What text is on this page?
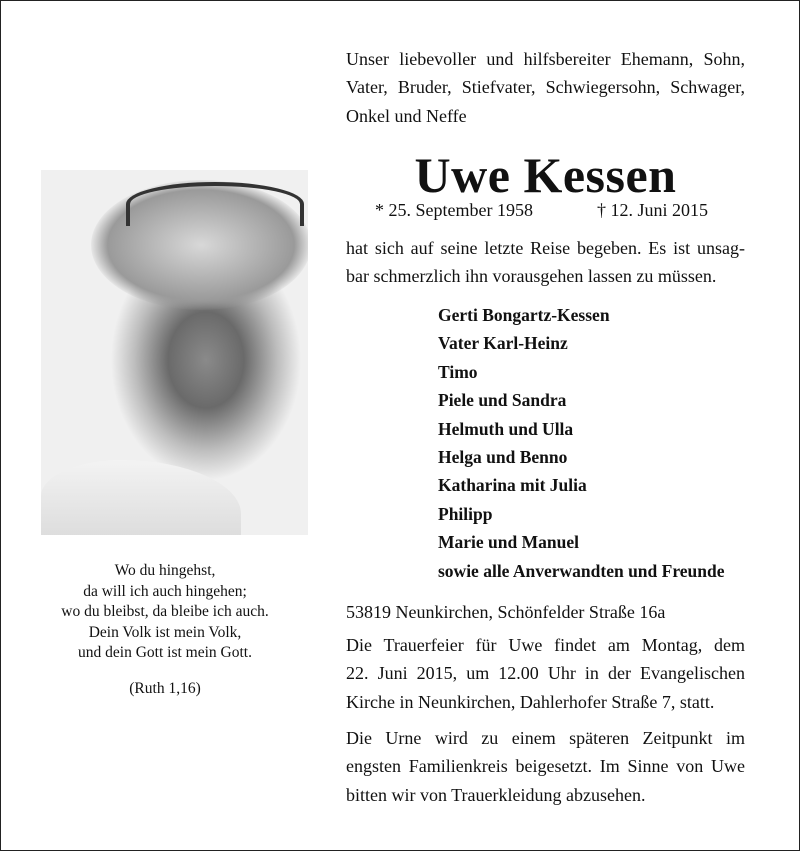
Wo du hingehst,
da will ich auch hingehen;
wo du bleibst, da bleibe ich auch.
Dein Volk ist mein Volk,
und dein Gott ist mein Gott.
(Ruth 1,16)
Unser liebevoller und hilfsbereiter Ehemann, Sohn,
Vater, Bruder, Stiefvater, Schwiegersohn, Schwager,
Onkel und Neffe
Uwe Kessen
* 25. September 1958	† 12. Juni 2015
hat sich auf seine letzte Reise begeben. Es ist unsag-
bar schmerzlich ihn vorausgehen lassen zu müssen.
Gerti Bongartz-Kessen
Vater Karl-Heinz
Timo
Piele und Sandra
Helmuth und Ulla
Helga und Benno
Katharina mit Julia
Philipp
Marie und Manuel
sowie alle Anverwandten und Freunde
53819 Neunkirchen, Schönfelder Straße 16a
Die Trauerfeier für Uwe findet am Montag, dem
22. Juni 2015, um 12.00 Uhr in der Evangelischen
Kirche in Neunkirchen, Dahlerhofer Straße 7, statt.
Die Urne wird zu einem späteren Zeitpunkt im
engsten Familienkreis beigesetzt. Im Sinne von Uwe
bitten wir von Trauerkleidung abzusehen.
